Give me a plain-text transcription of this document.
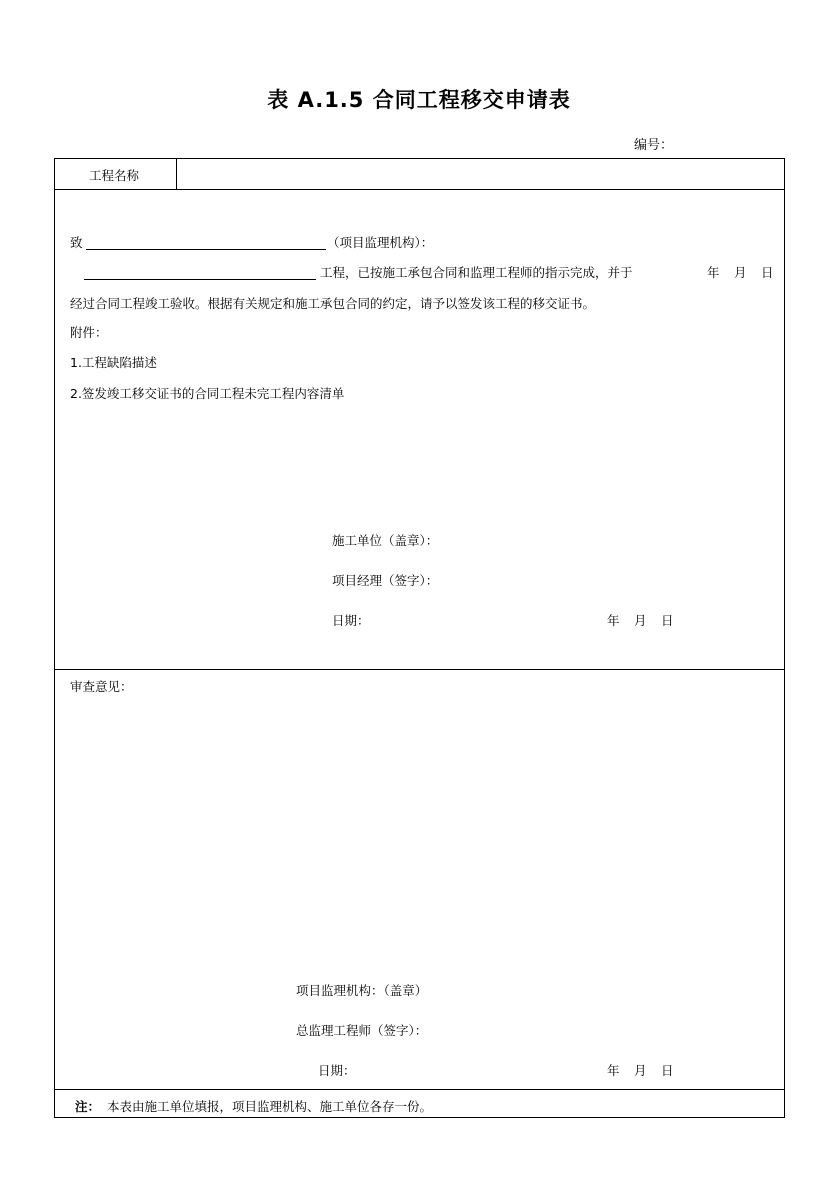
表 A.1.5 合同工程移交申请表
编号：
工程名称
致	（项目监理机构）：
工程，已按施工承包合同和监理工程师的指示完成，并于	年 月 日
经过合同工程竣工验收。根据有关规定和施工承包合同的约定，请予以签发该工程的移交证书。
附件：
1.工程缺陷描述
2.签发竣工移交证书的合同工程未完工程内容清单
施工单位（盖章）：
项目经理（签字）：
日期：	年 月 日
审查意见：
项目监理机构：（盖章）
总监理工程师（签字）：
日期：	年 月 日
注： 本表由施工单位填报，项目监理机构、施工单位各存一份。
